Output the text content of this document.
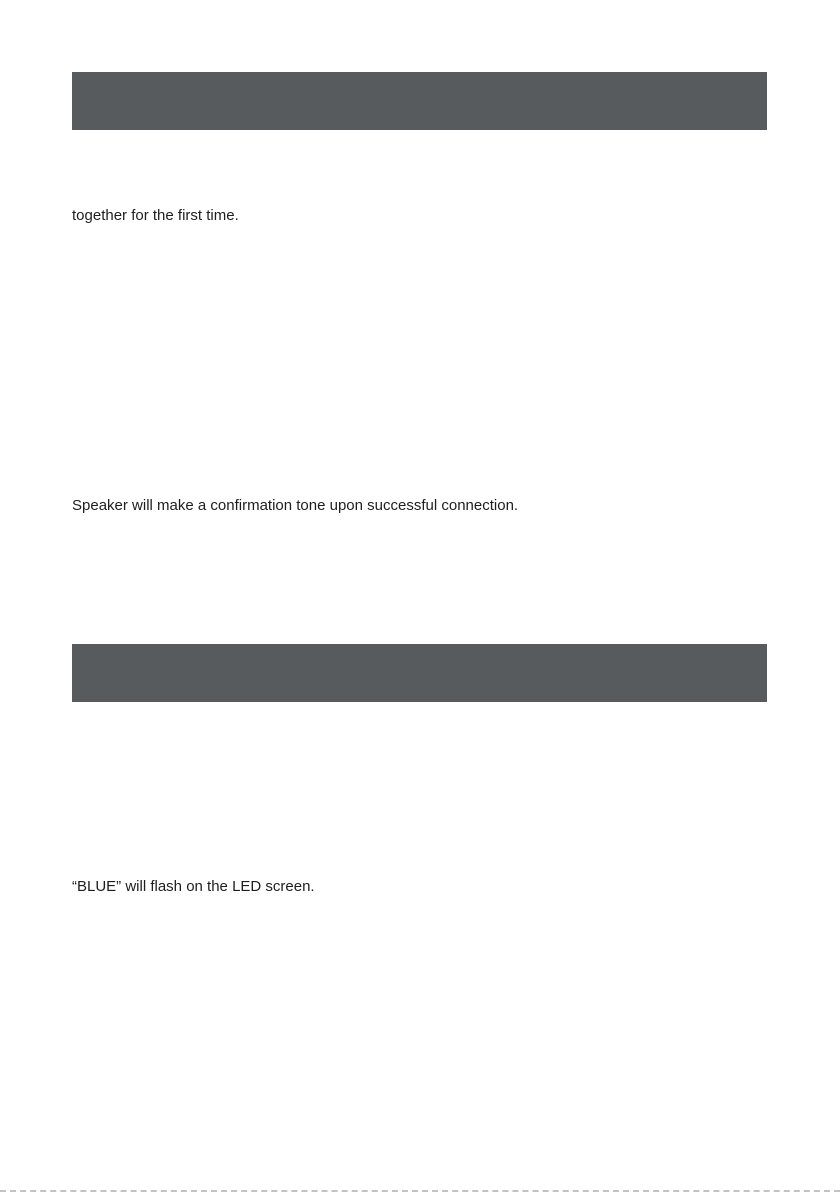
together for the first time.
Speaker will make a confirmation tone upon successful connection.
“BLUE” will flash on the LED screen.
